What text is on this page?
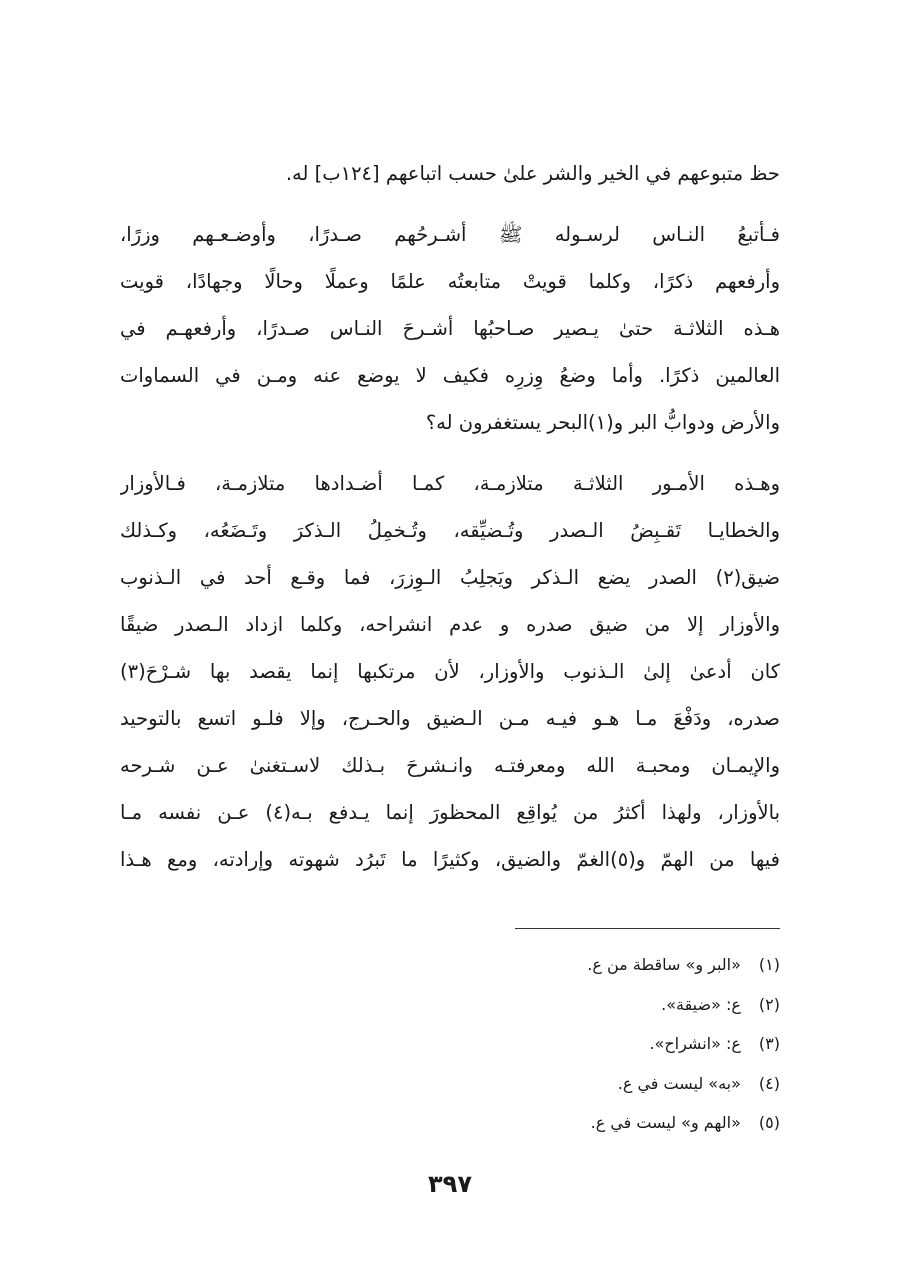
حظ متبوعهم في الخير والشر علىٰ حسب اتباعهم [١٢٤ب] له.
فـأتبعُ النـاس لرسـوله ﷺ أشـرحُهم صـدرًا، وأوضـعـهم وزرًا،
وأرفعهم ذكرًا، وكلما قويتْ متابعتُه علمًا وعملًا وحالًا وجهادًا، قويت
هـذه الثلاثـة حتىٰ يـصير صـاحبُها أشـرحَ النـاس صـدرًا، وأرفعهـم في
العالمين ذكرًا. وأما وضعُ وِزرِه فكيف لا يوضع عنه ومـن في السماوات
والأرض ودوابُّ البر و(١)البحر يستغفرون له؟
وهـذه الأمـور الثلاثـة متلازمـة، كمـا أضـدادها متلازمـة، فـالأوزار
والخطايـا تَقـبِضُ الـصدر وتُـضيِّقه، وتُـخمِلُ الـذكرَ وتَـضَعُه، وكـذلك
ضيق(٢) الصدر يضع الـذكر ويَجلِبُ الـوِزرَ، فما وقـع أحد في الـذنوب
والأوزار إلا من ضيق صدره و عدم انشراحه، وكلما ازداد الـصدر ضيقًا
كان أدعىٰ إلىٰ الـذنوب والأوزار، لأن مرتكبها إنما يقصد بها شـرْحَ(٣)
صدره، ودَفْعَ مـا هـو فيـه مـن الـضيق والحـرج، وإلا فلـو اتسع بالتوحيد
والإيمـان ومحبـة الله ومعرفتـه وانـشرحَ بـذلك لاسـتغنىٰ عـن شـرحه
بالأوزار، ولهذا أكثرُ من يُواقِع المحظورَ إنما يـدفع بـه(٤) عـن نفسه مـا
فيها من الهمّ و(٥)الغمّ والضيق، وكثيرًا ما تَبرُد شهوته وإرادته، ومع هـذا
(١) «البر و» ساقطة من ع.
(٢) ع: «ضيقة».
(٣) ع: «انشراح».
(٤) «به» ليست في ع.
(٥) «الهم و» ليست في ع.
٣٩٧
